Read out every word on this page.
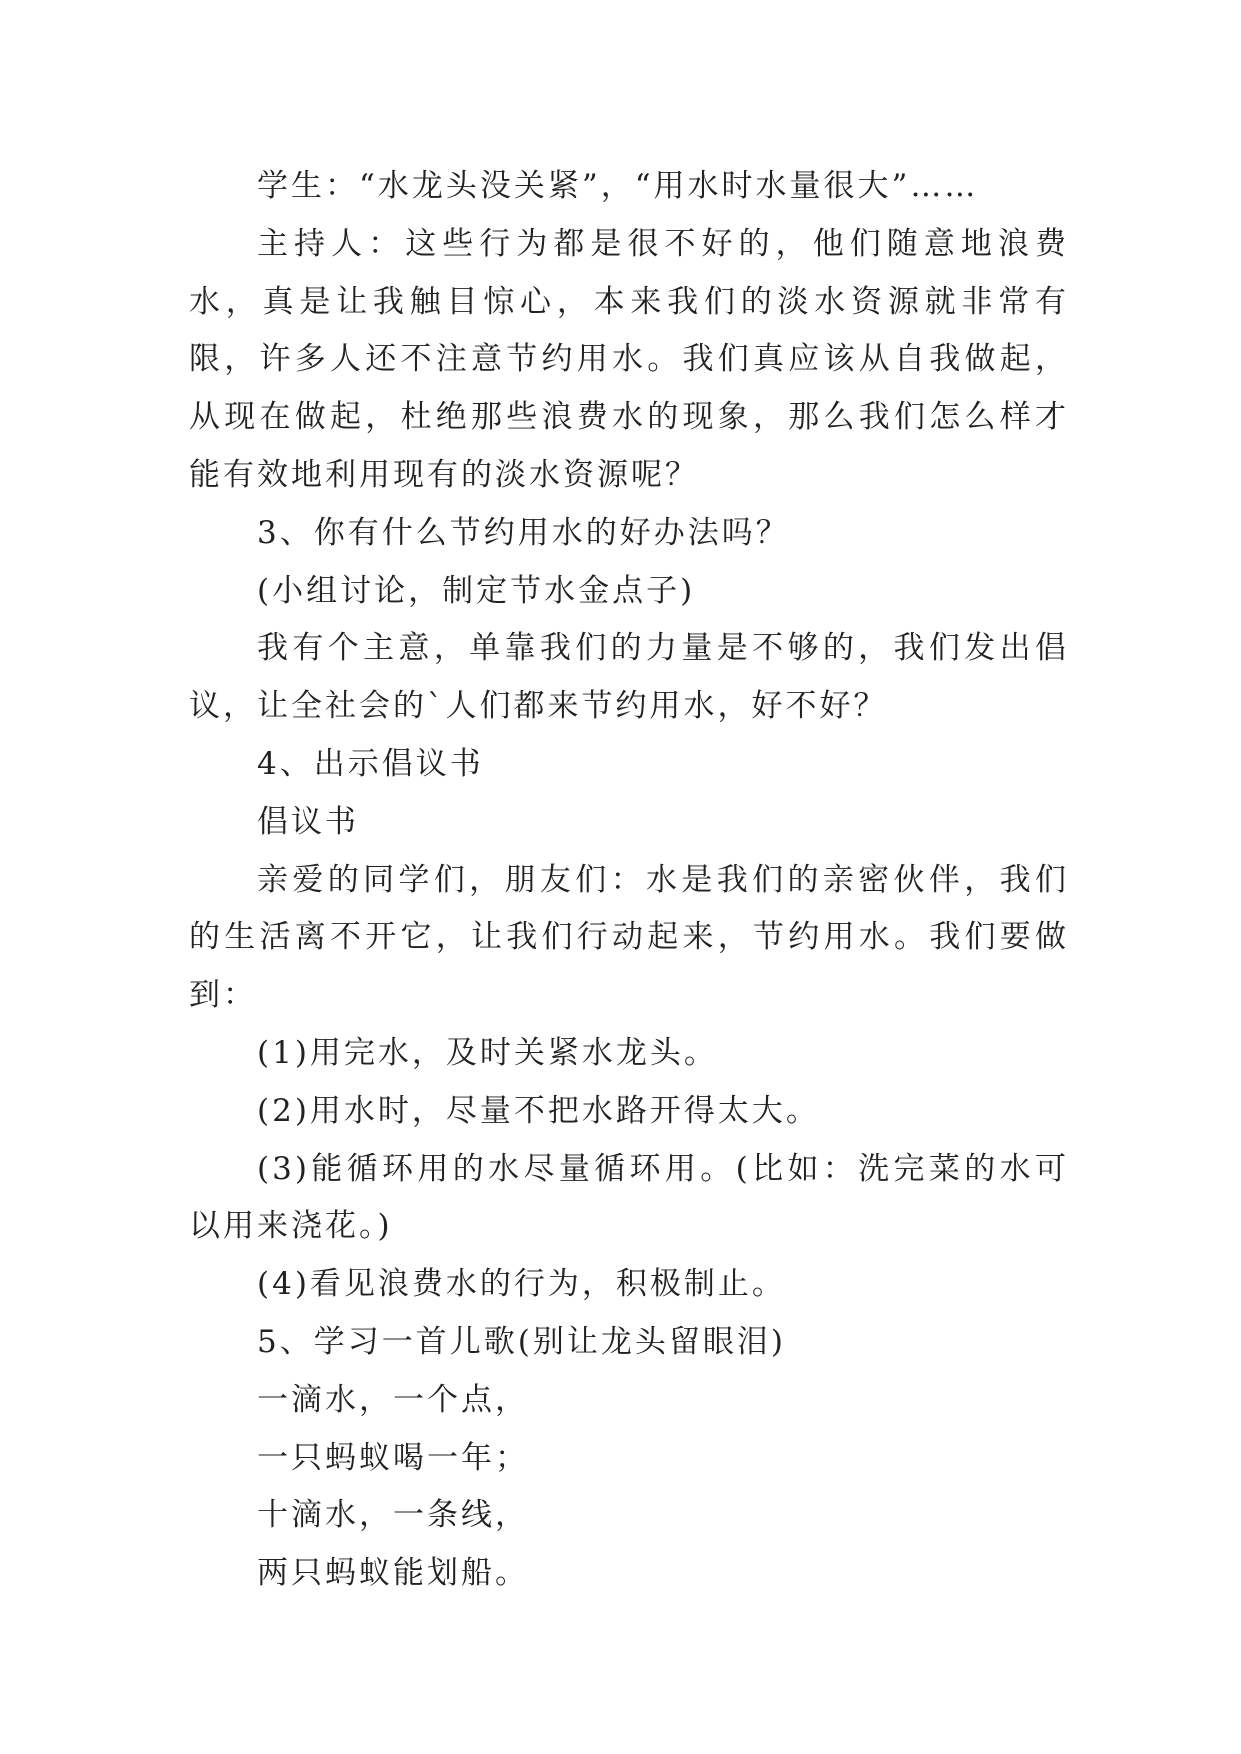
学生：“水龙头没关紧”，“用水时水量很大”……

主持人：这些行为都是很不好的，他们随意地浪费水，真是让我触目惊心，本来我们的淡水资源就非常有限，许多人还不注意节约用水。我们真应该从自我做起，从现在做起，杜绝那些浪费水的现象，那么我们怎么样才能有效地利用现有的淡水资源呢？

3、你有什么节约用水的好办法吗？

(小组讨论，制定节水金点子)

我有个主意，单靠我们的力量是不够的，我们发出倡议，让全社会的`人们都来节约用水，好不好？

4、出示倡议书

倡议书

亲爱的同学们，朋友们：水是我们的亲密伙伴，我们的生活离不开它，让我们行动起来，节约用水。我们要做到：

(1)用完水，及时关紧水龙头。

(2)用水时，尽量不把水路开得太大。

(3)能循环用的水尽量循环用。(比如：洗完菜的水可以用来浇花。)

(4)看见浪费水的行为，积极制止。

5、学习一首儿歌(别让龙头留眼泪)

一滴水，一个点，

一只蚂蚁喝一年；

十滴水，一条线，

两只蚂蚁能划船。
